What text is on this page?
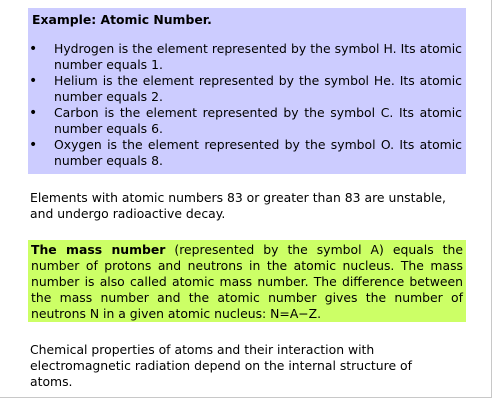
Example: Atomic Number.
• Hydrogen is the element represented by the symbol H. Its atomic number equals 1.
• Helium is the element represented by the symbol He. Its atomic number equals 2.
• Carbon is the element represented by the symbol C. Its atomic number equals 6.
• Oxygen is the element represented by the symbol O. Its atomic number equals 8.

Elements with atomic numbers 83 or greater than 83 are unstable, and undergo radioactive decay.

The mass number (represented by the symbol A) equals the number of protons and neutrons in the atomic nucleus. The mass number is also called atomic mass number. The difference between the mass number and the atomic number gives the number of neutrons N in a given atomic nucleus: N=A−Z.

Chemical properties of atoms and their interaction with electromagnetic radiation depend on the internal structure of atoms.
